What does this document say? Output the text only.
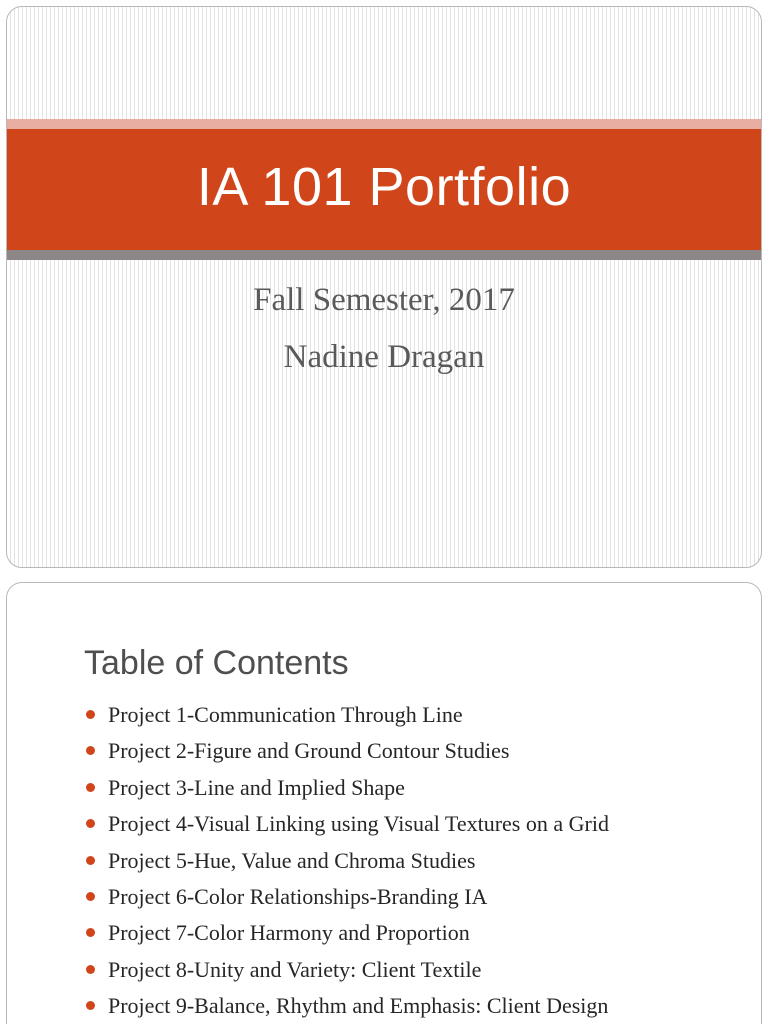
IA 101 Portfolio
Fall Semester, 2017
Nadine Dragan
Table of Contents
Project 1-Communication Through Line
Project 2-Figure and Ground Contour Studies
Project 3-Line and Implied Shape
Project 4-Visual Linking using Visual Textures on a Grid
Project 5-Hue, Value and Chroma Studies
Project 6-Color Relationships-Branding IA
Project 7-Color Harmony and Proportion
Project 8-Unity and Variety: Client Textile
Project 9-Balance, Rhythm and Emphasis: Client Design
